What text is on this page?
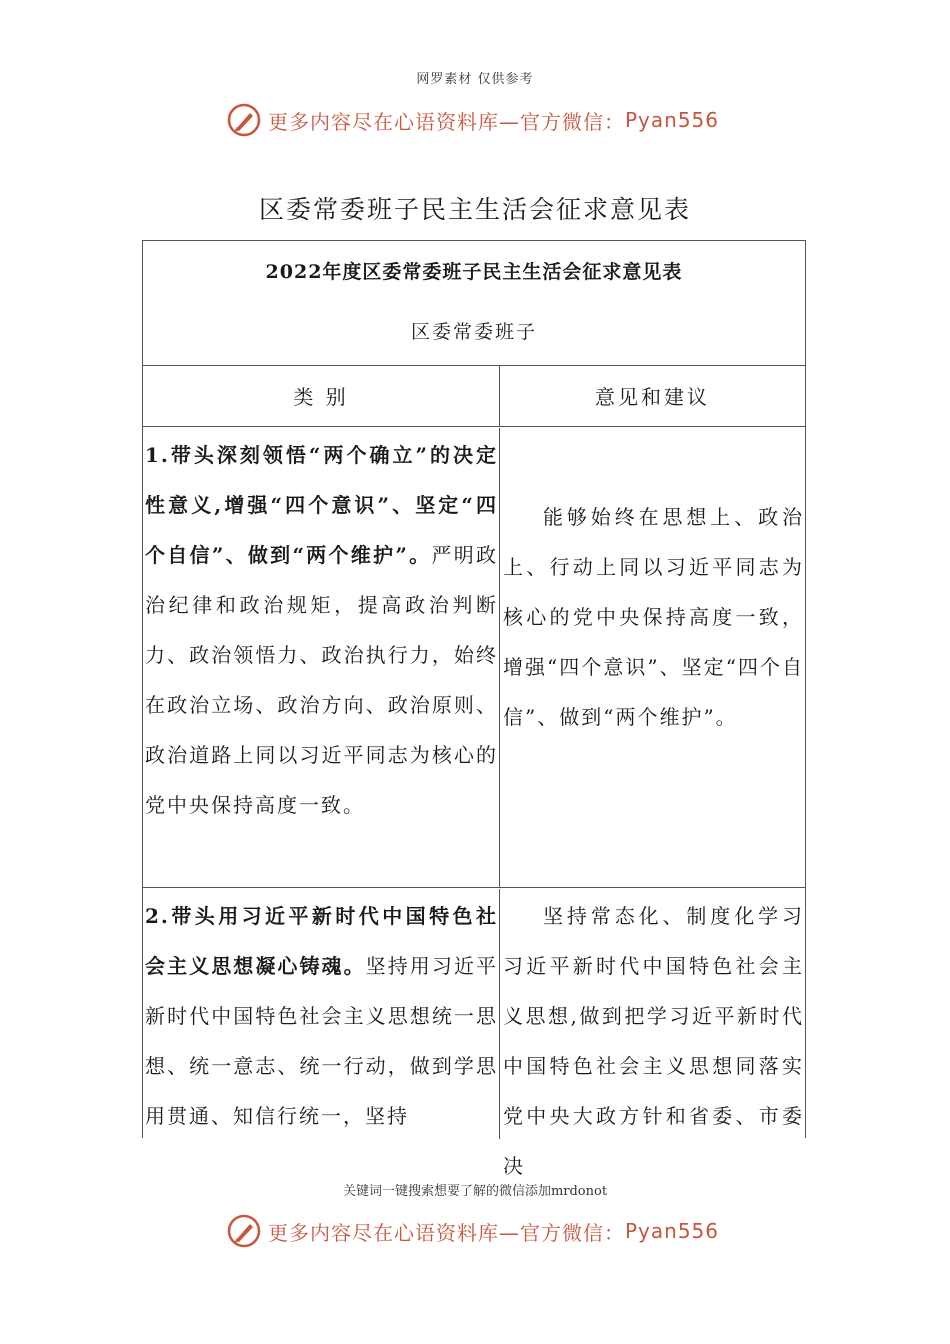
网罗素材 仅供参考
更多内容尽在心语资料库—官方微信： Pyan556
区委常委班子民主生活会征求意见表
2022年度区委常委班子民主生活会征求意见表
区委常委班子
类 别	意见和建议
1.带头深刻领悟“两个确立”的决定性意义,增强“四个意识”、坚定“四个自信”、做到“两个维护”。严明政治纪律和政治规矩，提高政治判断力、政治领悟力、政治执行力，始终在政治立场、政治方向、政治原则、政治道路上同以习近平同志为核心的党中央保持高度一致。
能够始终在思想上、政治上、行动上同以习近平同志为核心的党中央保持高度一致，增强“四个意识”、坚定“四个自信”、做到“两个维护”。
2.带头用习近平新时代中国特色社会主义思想凝心铸魂。坚持用习近平新时代中国特色社会主义思想统一思想、统一意志、统一行动，做到学思用贯通、知信行统一，坚持
坚持常态化、制度化学习习近平新时代中国特色社会主义思想,做到把学习近平新时代中国特色社会主义思想同落实党中央大政方针和省委、市委决
关键词一键搜索想要了解的微信添加mrdonot
更多内容尽在心语资料库—官方微信： Pyan556
